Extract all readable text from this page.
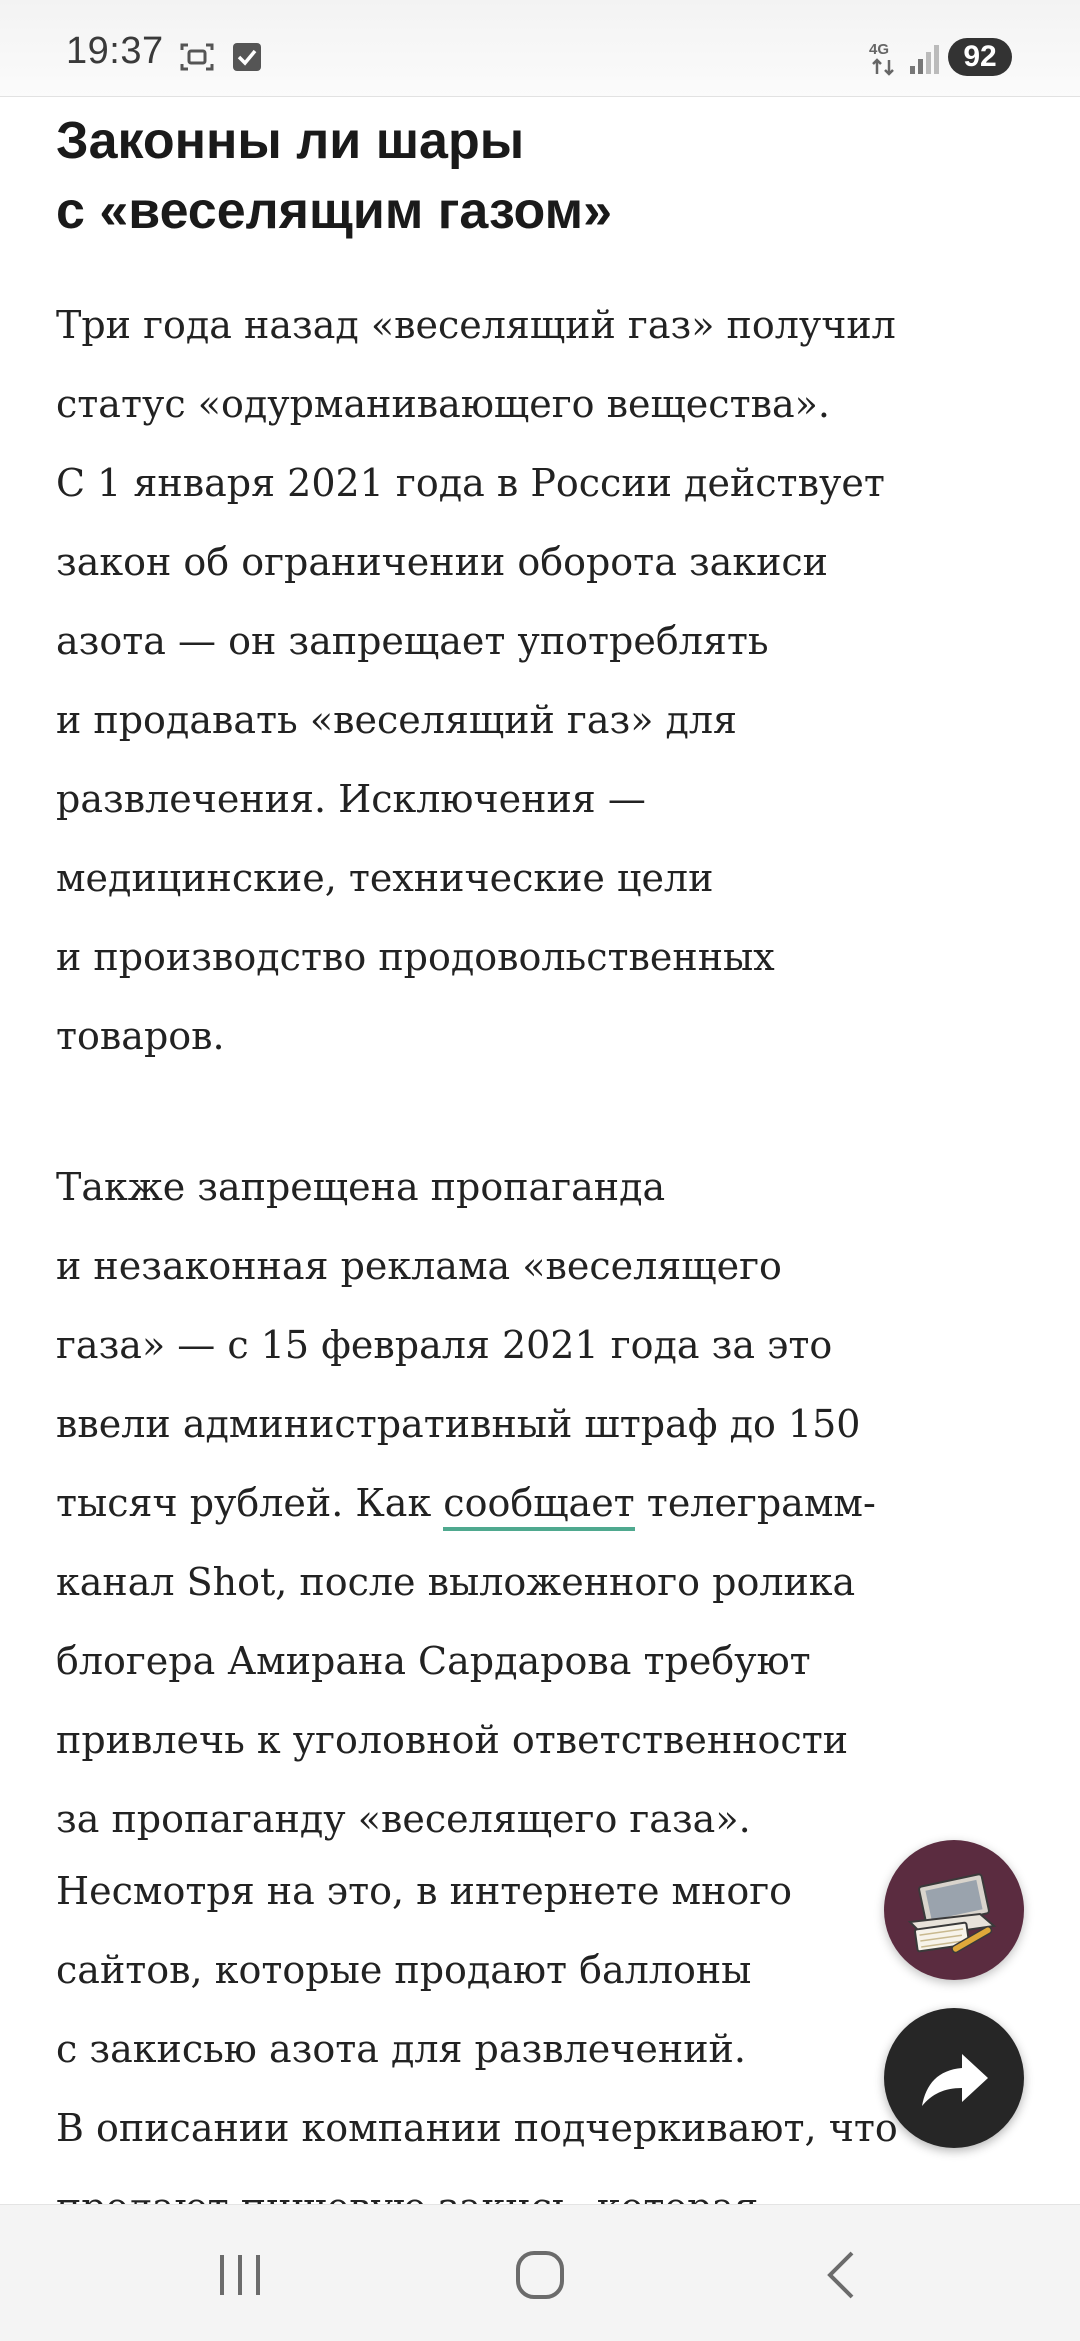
19:37	4G	92
Законны ли шары
с «веселящим газом»

Три года назад «веселящий газ» получил
статус «одурманивающего вещества».
С 1 января 2021 года в России действует
закон об ограничении оборота закиси
азота — он запрещает употреблять
и продавать «веселящий газ» для
развлечения. Исключения —
медицинские, технические цели
и производство продовольственных
товаров.

Также запрещена пропаганда
и незаконная реклама «веселящего
газа» — с 15 февраля 2021 года за это
ввели административный штраф до 150
тысяч рублей. Как сообщает телеграмм-
канал Shot, после выложенного ролика
блогера Амирана Сардарова требуют
привлечь к уголовной ответственности
за пропаганду «веселящего газа».

Несмотря на это, в интернете много
сайтов, которые продают баллоны
с закисью азота для развлечений.
В описании компании подчеркивают, что
